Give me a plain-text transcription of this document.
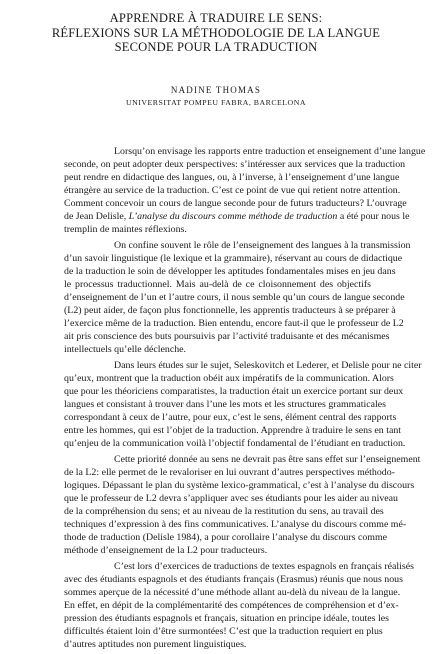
APPRENDRE À TRADUIRE LE SENS:
RÉFLEXIONS SUR LA MÉTHODOLOGIE DE LA LANGUE
SECONDE POUR LA TRADUCTION
NADINE THOMAS
UNIVERSITAT POMPEU FABRA, BARCELONA
Lorsqu’on envisage les rapports entre traduction et enseignement d’une langue
seconde, on peut adopter deux perspectives: s’intéresser aux services que la traduction
peut rendre en didactique des langues, ou, à l’inverse, à l’enseignement d’une langue
étrangère au service de la traduction. C’est ce point de vue qui retient notre attention.
Comment concevoir un cours de langue seconde pour de futurs traducteurs? L’ouvrage
de Jean Delisle, L’analyse du discours comme méthode de traduction a été pour nous le
tremplin de maintes réflexions.
On confine souvent le rôle de l’enseignement des langues à la transmission
d’un savoir linguistique (le lexique et la grammaire), réservant au cours de didactique
de la traduction le soin de développer les aptitudes fondamentales mises en jeu dans
le processus traductionnel. Mais au-delà de ce cloisonnement des objectifs
d’enseignement de l’un et l’autre cours, il nous semble qu’un cours de langue seconde
(L2) peut aider, de façon plus fonctionnelle, les apprentis traducteurs à se préparer à
l’exercice même de la traduction. Bien entendu, encore faut-il que le professeur de L2
ait pris conscience des buts poursuivis par l’activité traduisante et des mécanismes
intellectuels qu’elle déclenche.
Dans leurs études sur le sujet, Seleskovitch et Lederer, et Delisle pour ne citer
qu’eux, montrent que la traduction obéit aux impératifs de la communication. Alors
que pour les théoriciens comparatistes, la traduction était un exercice portant sur deux
langues et consistant à trouver dans l’une les mots et les structures grammaticales
correspondant à ceux de l’autre, pour eux, c’est le sens, élément central des rapports
entre les hommes, qui est l’objet de la traduction. Apprendre à traduire le sens en tant
qu’enjeu de la communication voilà l’objectif fondamental de l’étudiant en traduction.
Cette priorité donnée au sens ne devrait pas être sans effet sur l’enseignement
de la L2: elle permet de le revaloriser en lui ouvrant d’autres perspectives méthodo-
logiques. Dépassant le plan du système lexico-grammatical, c’est à l’analyse du discours
que le professeur de L2 devra s’appliquer avec ses étudiants pour les aider au niveau
de la compréhension du sens; et au niveau de la restitution du sens, au travail des
techniques d’expression à des fins communicatives. L’analyse du discours comme mé-
thode de traduction (Delisle 1984), a pour corollaire l’analyse du discours comme
méthode d’enseignement de la L2 pour traducteurs.
C’est lors d’exercices de traductions de textes espagnols en français réalisés
avec des étudiants espagnols et des étudiants français (Erasmus) réunis que nous nous
sommes aperçue de la nécessité d’une méthode allant au-delà du niveau de la langue.
En effet, en dépit de la complémentarité des compétences de compréhension et d’ex-
pression des étudiants espagnols et français, situation en principe idéale, toutes les
difficultés étaient loin d’être surmontées! C’est que la traduction requiert en plus
d’autres aptitudes non purement linguistiques.
